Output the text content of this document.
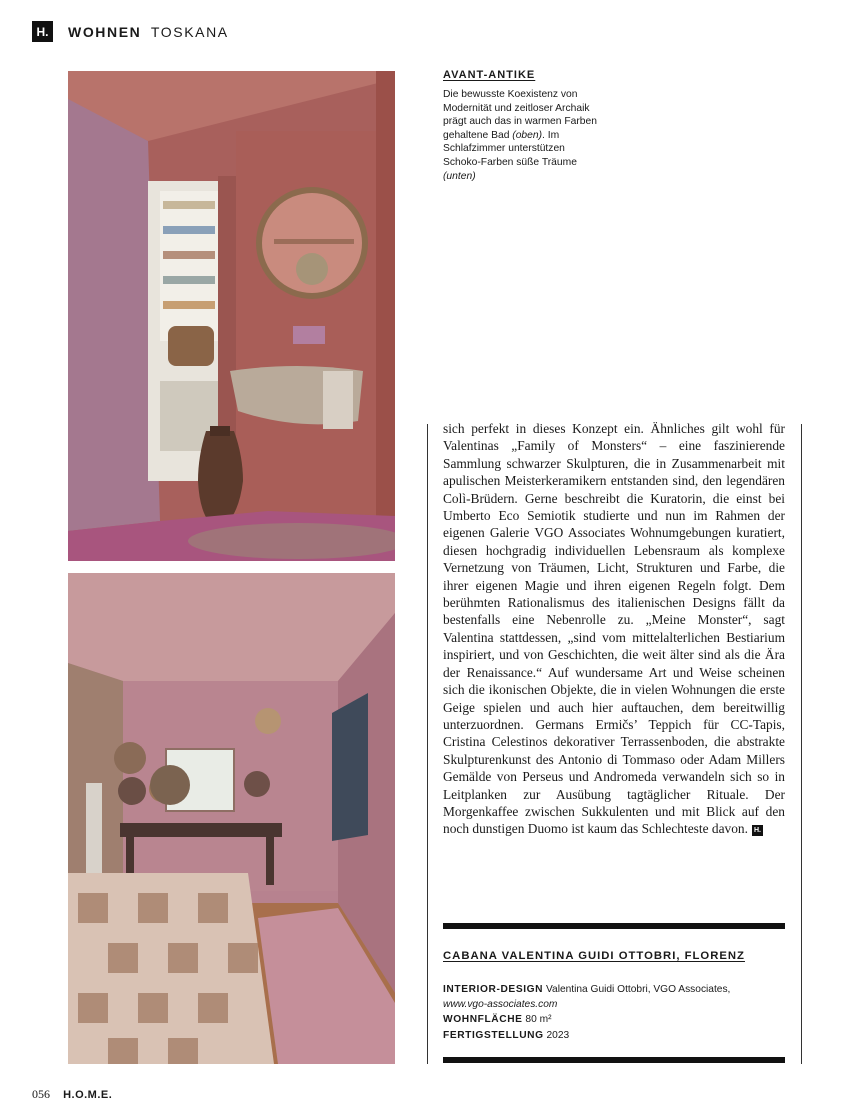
H.	WOHNEN TOSKANA
AVANT-ANTIKE
Die bewusste Koexistenz von Modernität und zeitloser Archaik prägt auch das in warmen Farben gehaltene Bad (oben). Im Schlafzimmer unterstützen Schoko-Farben süße Träume (unten)
sich perfekt in dieses Konzept ein. Ähnliches gilt wohl für Valentinas „Family of Monsters“ – eine faszinierende Sammlung schwarzer Skulpturen, die in Zusammenarbeit mit apulischen Meisterkeramikern entstanden sind, den legendären Colì-Brüdern. Gerne beschreibt die Kuratorin, die einst bei Umberto Eco Semiotik studierte und nun im Rahmen der eigenen Galerie VGO Associates Wohnumgebungen kuratiert, diesen hochgradig individuellen Lebensraum als komplexe Vernetzung von Träumen, Licht, Strukturen und Farbe, die ihrer eigenen Magie und ihren eigenen Regeln folgt. Dem berühmten Rationalismus des italienischen Designs fällt da bestenfalls eine Nebenrolle zu. „Meine Monster“, sagt Valentina stattdessen, „sind vom mittelalterlichen Bestiarium inspiriert, und von Geschichten, die weit älter sind als die Ära der Renaissance.“ Auf wundersame Art und Weise scheinen sich die ikonischen Objekte, die in vielen Wohnungen die erste Geige spielen und auch hier auftauchen, dem bereitwillig unterzuordnen. Germans Ermičs’ Teppich für CC-Tapis, Cristina Celestinos dekorativer Terrassenboden, die abstrakte Skulpturenkunst des Antonio di Tommaso oder Adam Millers Gemälde von Perseus und Andromeda verwandeln sich so in Leitplanken zur Ausübung tagtäglicher Rituale. Der Morgenkaffee zwischen Sukkulenten und mit Blick auf den noch dunstigen Duomo ist kaum das Schlechteste davon. H.
CABANA VALENTINA GUIDI OTTOBRI, FLORENZ
INTERIOR-DESIGN Valentina Guidi Ottobri, VGO Associates,
www.vgo-associates.com
WOHNFLÄCHE 80 m²
FERTIGSTELLUNG 2023
056 H.O.M.E.
